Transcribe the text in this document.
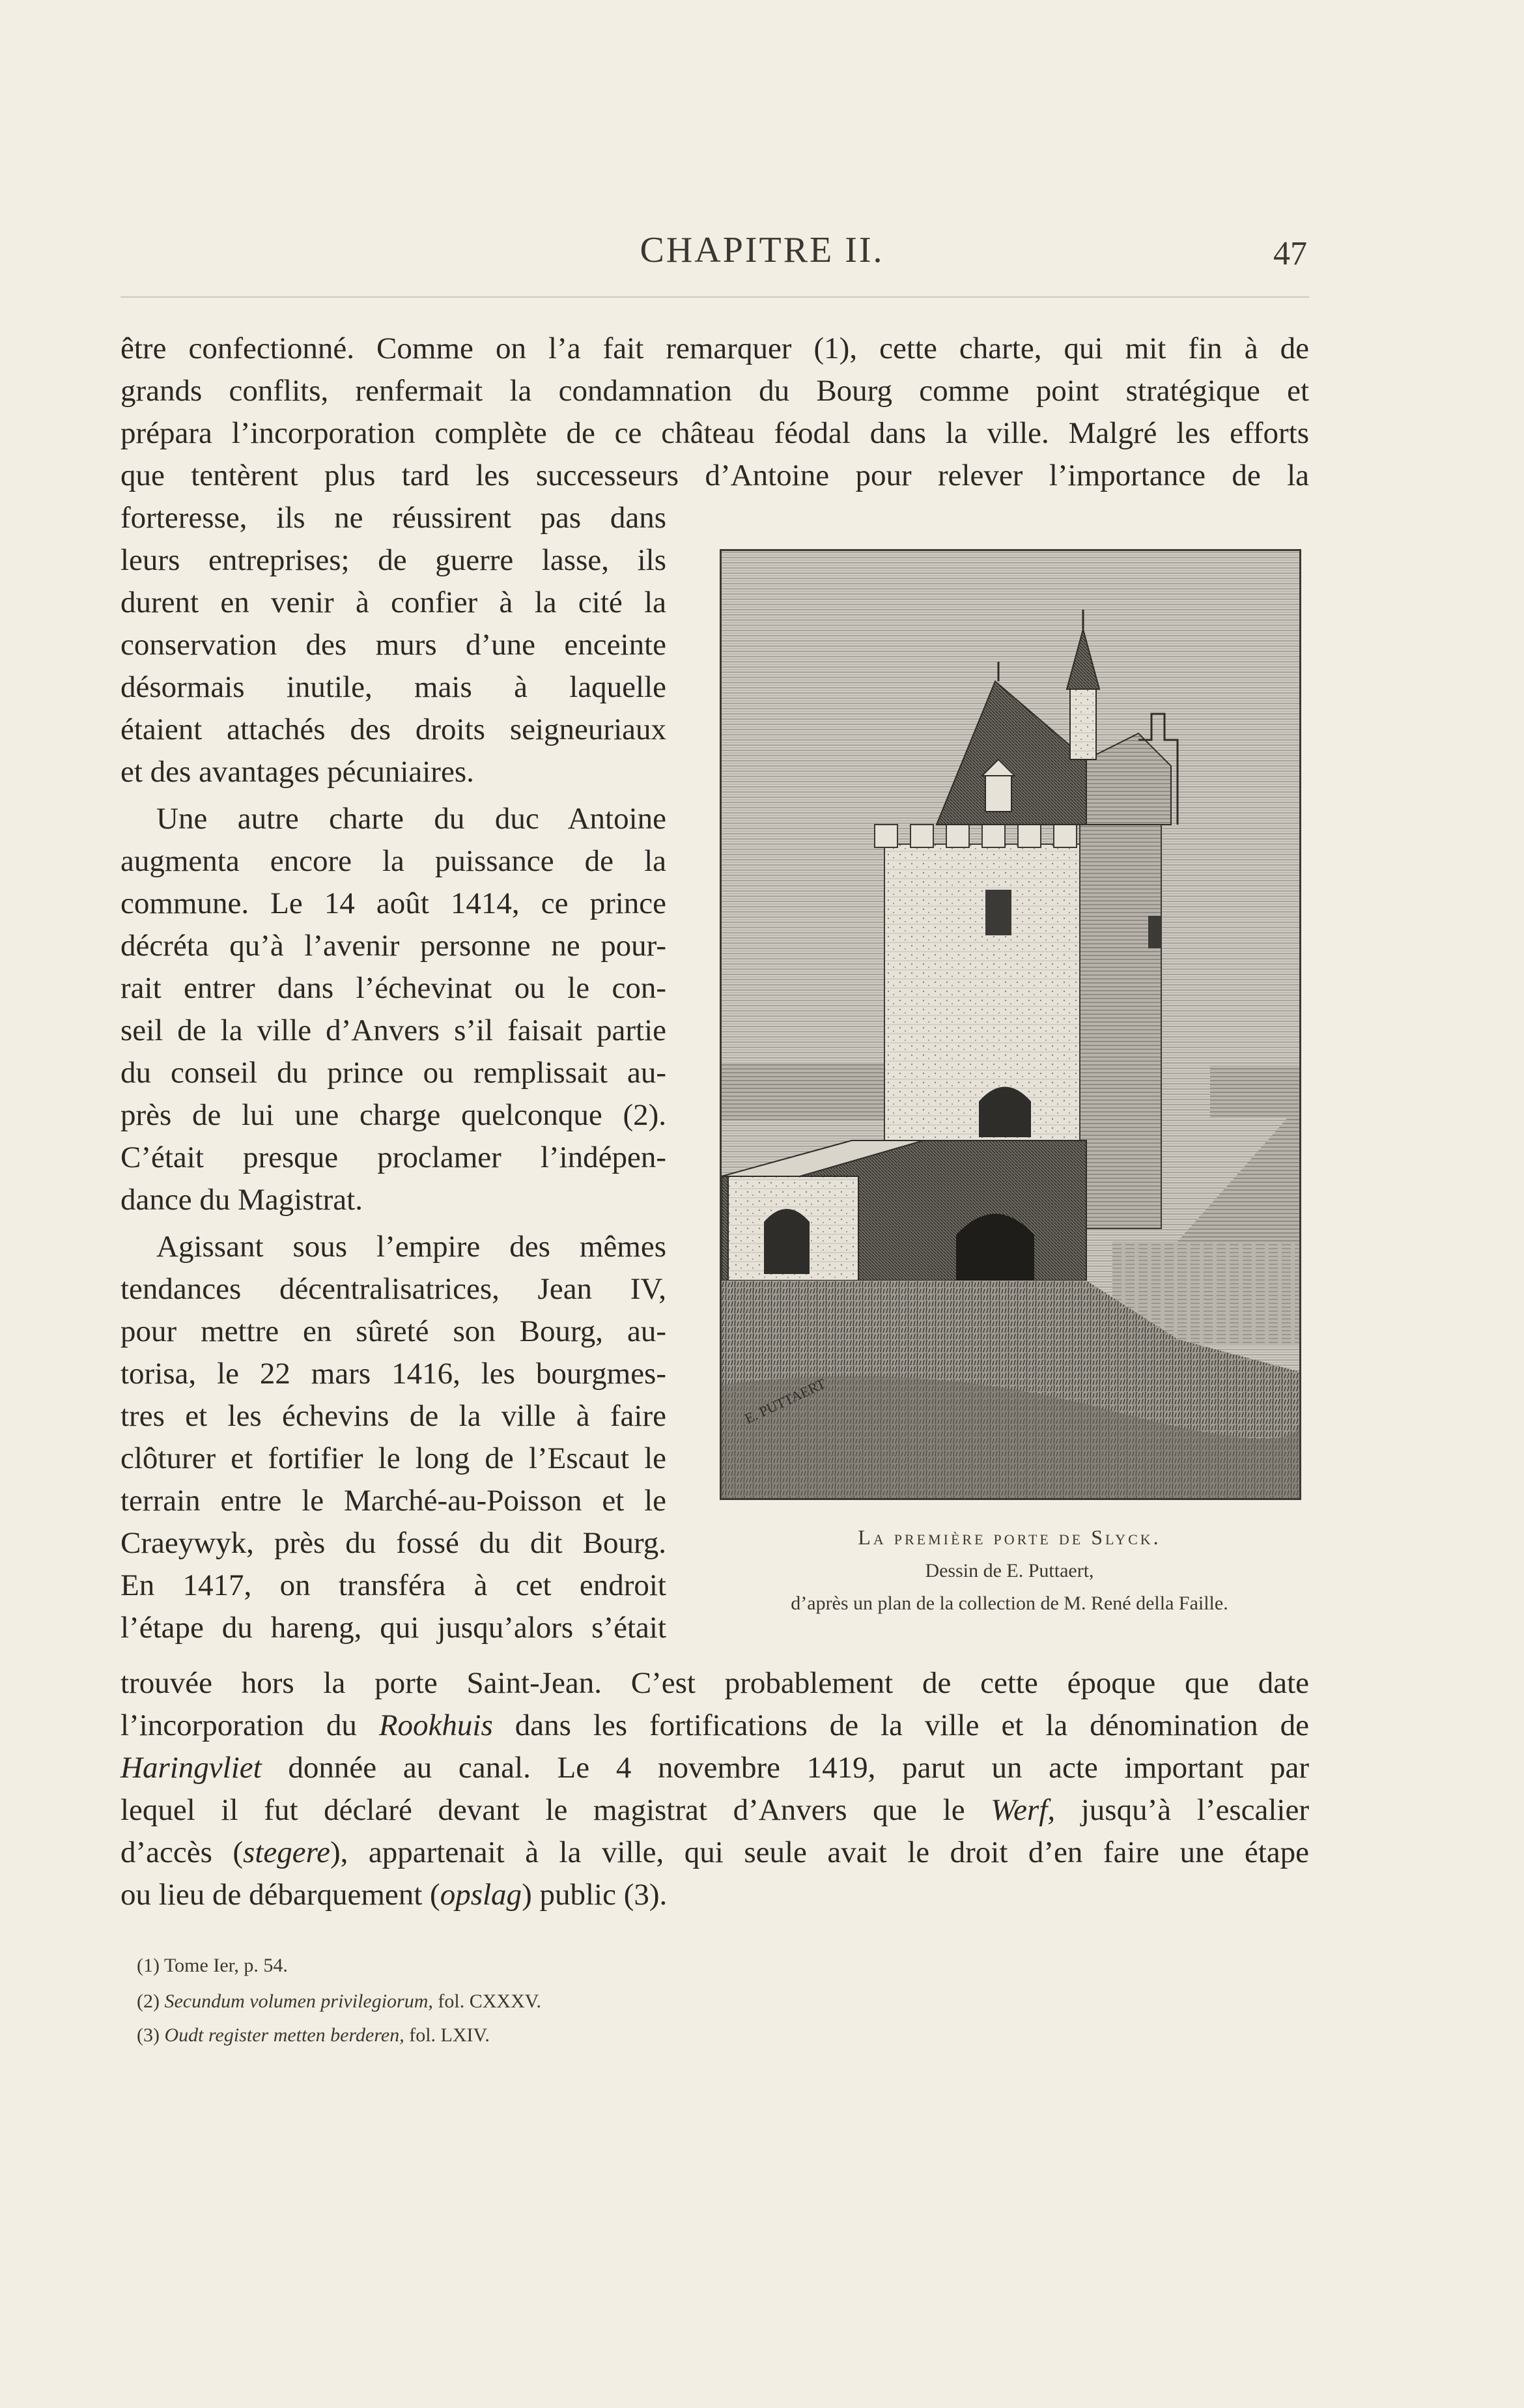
CHAPITRE II.	47
être confectionné. Comme on l’a fait remarquer (1), cette charte, qui mit fin à de
grands conflits, renfermait la condamnation du Bourg comme point stratégique et
prépara l’incorporation complète de ce château féodal dans la ville. Malgré les efforts
que tentèrent plus tard les successeurs d’Antoine pour relever l’importance de la
forteresse, ils ne réussirent pas dans
leurs entreprises; de guerre lasse, ils
durent en venir à confier à la cité la
conservation des murs d’une enceinte
désormais inutile, mais à laquelle
étaient attachés des droits seigneuriaux
et des avantages pécuniaires.
Une autre charte du duc Antoine
augmenta encore la puissance de la
commune. Le 14 août 1414, ce prince
décréta qu’à l’avenir personne ne pour-
rait entrer dans l’échevinat ou le con-
seil de la ville d’Anvers s’il faisait partie
du conseil du prince ou remplissait au-
près de lui une charge quelconque (2).
C’était presque proclamer l’indépen-
dance du Magistrat.
Agissant sous l’empire des mêmes
tendances décentralisatrices, Jean IV,
pour mettre en sûreté son Bourg, au-
torisa, le 22 mars 1416, les bourgmes-
tres et les échevins de la ville à faire
clôturer et fortifier le long de l’Escaut le
terrain entre le Marché-au-Poisson et le
Craeywyk, près du fossé du dit Bourg.
En 1417, on transféra à cet endroit
l’étape du hareng, qui jusqu’alors s’était
trouvée hors la porte Saint-Jean. C’est probablement de cette époque que date
l’incorporation du Rookhuis dans les fortifications de la ville et la dénomination de
Haringvliet donnée au canal. Le 4 novembre 1419, parut un acte important par
lequel il fut déclaré devant le magistrat d’Anvers que le Werf, jusqu’à l’escalier
d’accès (stegere), appartenait à la ville, qui seule avait le droit d’en faire une étape
ou lieu de débarquement (opslag) public (3).
E. PUTTAERT
La première porte de Slyck.
Dessin de E. Puttaert,
d’après un plan de la collection de M. René della Faille.
(1) Tome Ier, p. 54.
(2) Secundum volumen privilegiorum, fol. CXXXV.
(3) Oudt register metten berderen, fol. LXIV.
